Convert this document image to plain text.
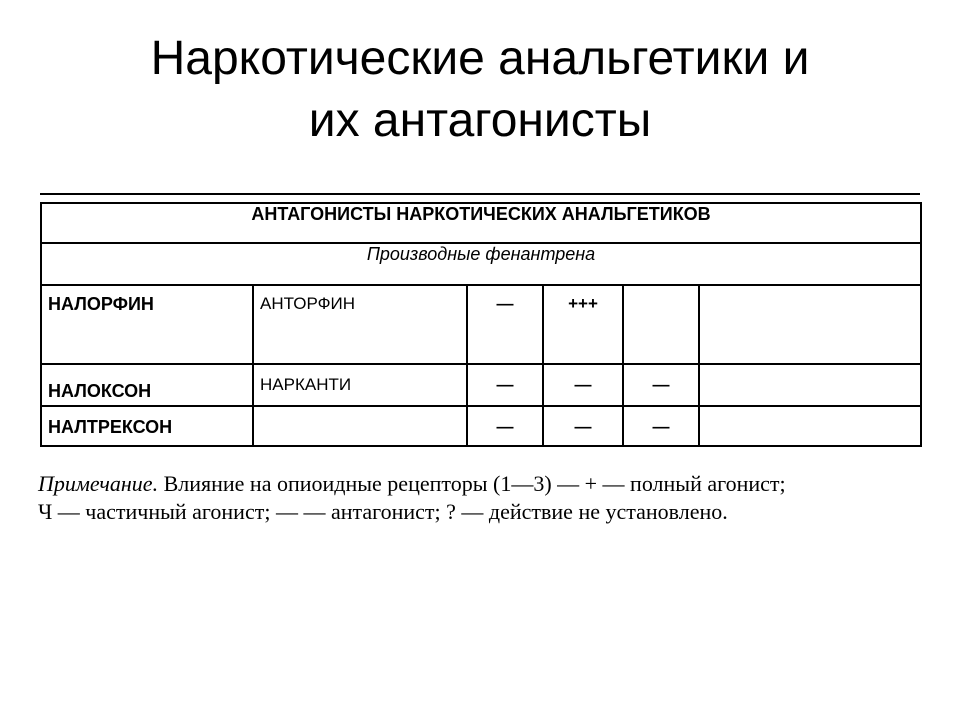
Наркотические анальгетики и
их антагонисты
АНТАГОНИСТЫ НАРКОТИЧЕСКИХ АНАЛЬГЕТИКОВ					
Производные фенантрена					

НАЛОРФИН	АНТОРФИН	—	+++		

НАЛОКСОН	НАРКАНТИ	—	—	—	

НАЛТРЕКСОН		—	—	—	

Примечание. Влияние на опиоидные рецепторы (1—3) — + — полный агонист;
Ч — частичный агонист; — — антагонист; ? — действие не установлено.
